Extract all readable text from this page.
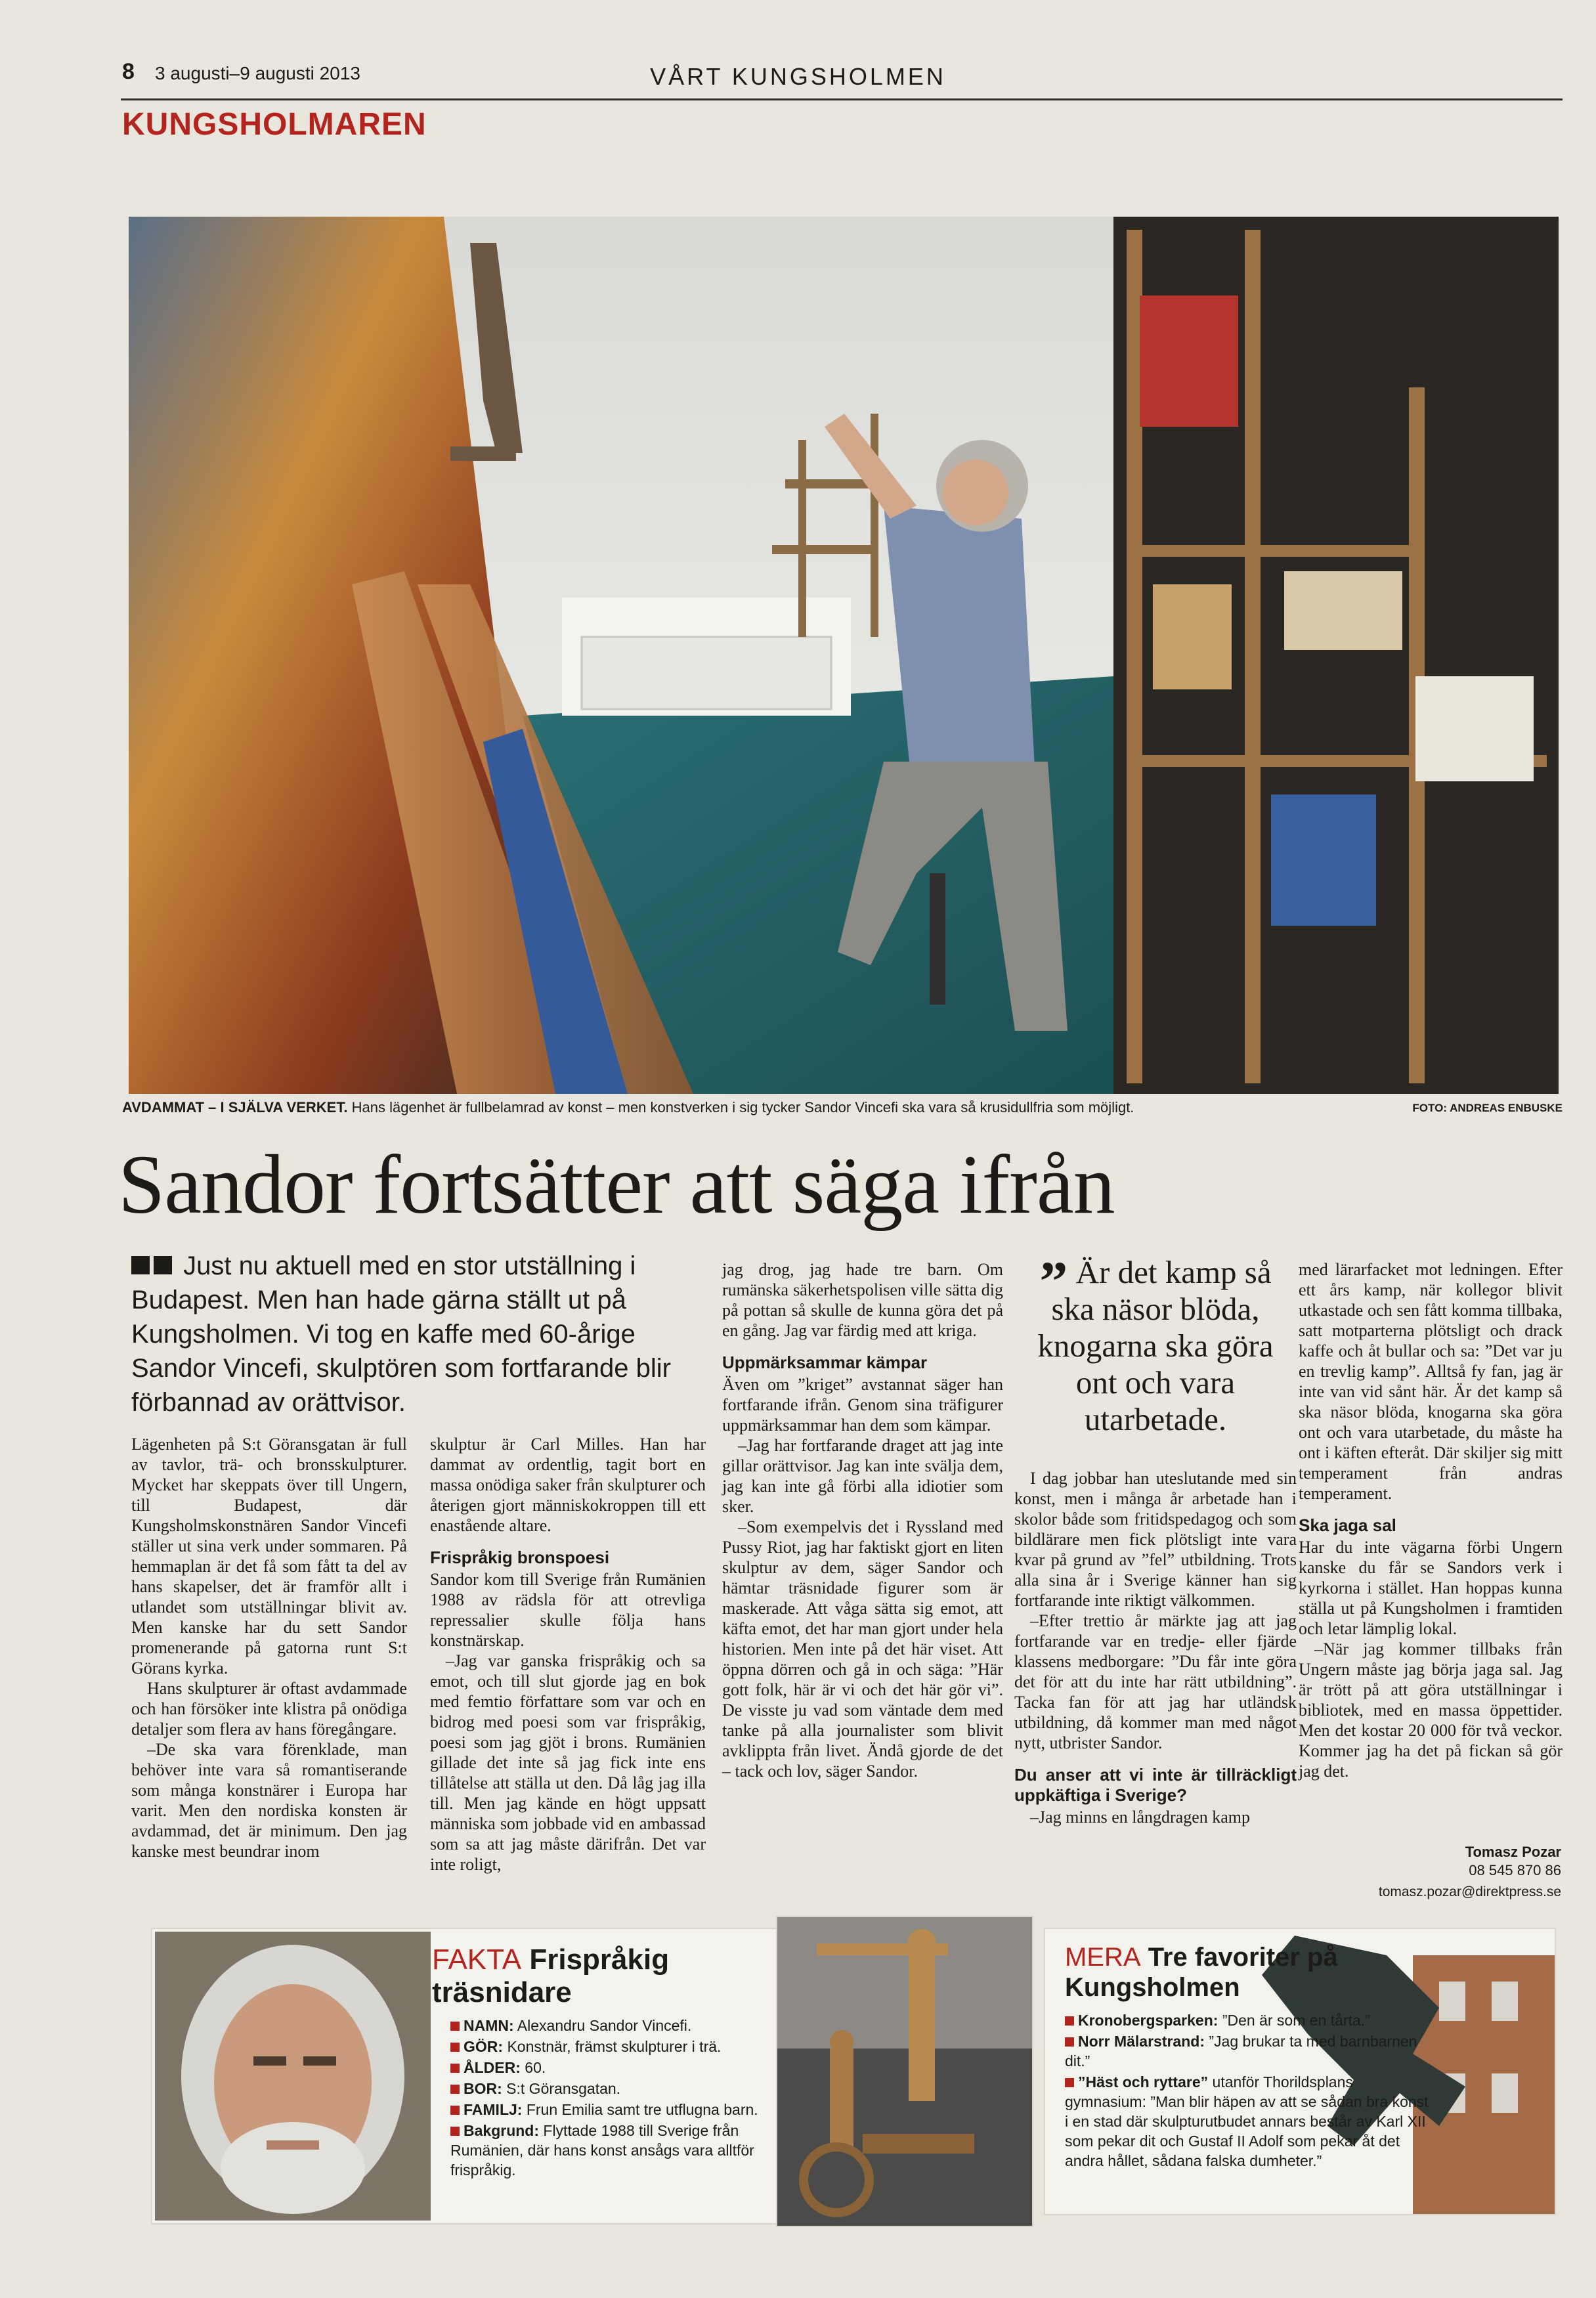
8 3 augusti–9 augusti 2013	VÅRT KUNGSHOLMEN
KUNGSHOLMAREN
AVDAMMAT – I SJÄLVA VERKET. Hans lägenhet är fullbelamrad av konst – men konstverken i sig tycker Sandor Vincefi ska vara så krusidullfria som möjligt.	FOTO: ANDREAS ENBUSKE
Sandor fortsätter att säga ifrån
Just nu aktuell med en stor utställning i Budapest. Men han hade gärna ställt ut på Kungsholmen. Vi tog en kaffe med 60-årige Sandor Vincefi, skulptören som fortfarande blir förbannad av orättvisor.

Lägenheten på S:t Göransgatan är full av tavlor, trä- och bronsskulpturer. Mycket har skeppats över till Ungern, till Budapest, där Kungsholmskonstnären Sandor Vincefi ställer ut sina verk under sommaren. På hemmaplan är det få som fått ta del av hans skapelser, det är framför allt i utlandet som utställningar blivit av. Men kanske har du sett Sandor promenerande på gatorna runt S:t Görans kyrka.

Hans skulpturer är oftast avdammade och han försöker inte klistra på onödiga detaljer som flera av hans föregångare.

–De ska vara förenklade, man behöver inte vara så romantiserande som många konstnärer i Europa har varit. Men den nordiska konsten är avdammad, det är minimum. Den jag kanske mest beundrar inom

skulptur är Carl Milles. Han har dammat av ordentlig, tagit bort en massa onödiga saker från skulpturer och återigen gjort människokroppen till ett enastående altare.

Frispråkig bronspoesi

Sandor kom till Sverige från Rumänien 1988 av rädsla för att otrevliga repressalier skulle följa hans konstnärskap.

–Jag var ganska frispråkig och sa emot, och till slut gjorde jag en bok med femtio författare som var och en bidrog med poesi som var frispråkig, poesi som jag gjöt i brons. Rumänien gillade det inte så jag fick inte ens tillåtelse att ställa ut den. Då låg jag illa till. Men jag kände en högt uppsatt människa som jobbade vid en ambassad som sa att jag måste därifrån. Det var inte roligt,

jag drog, jag hade tre barn. Om rumänska säkerhetspolisen ville sätta dig på pottan så skulle de kunna göra det på en gång. Jag var färdig med att kriga.

Uppmärksammar kämpar

Även om ”kriget” avstannat säger han fortfarande ifrån. Genom sina träfigurer uppmärksammar han dem som kämpar.

–Jag har fortfarande draget att jag inte gillar orättvisor. Jag kan inte svälja dem, jag kan inte gå förbi alla idiotier som sker.

–Som exempelvis det i Ryssland med Pussy Riot, jag har faktiskt gjort en liten skulptur av dem, säger Sandor och hämtar träsnidade figurer som är maskerade. Att våga sätta sig emot, att käfta emot, det har man gjort under hela historien. Men inte på det här viset. Att öppna dörren och gå in och säga: ”Här gott folk, här är vi och det här gör vi”. De visste ju vad som väntade dem med tanke på alla journalister som blivit avklippta från livet. Ändå gjorde de det – tack och lov, säger Sandor.

” Är det kamp så ska näsor blöda, knogarna ska göra ont och vara utarbetade.

I dag jobbar han uteslutande med sin konst, men i många år arbetade han i skolor både som fritidspedagog och som bildlärare men fick plötsligt inte vara kvar på grund av ”fel” utbildning. Trots alla sina år i Sverige känner han sig fortfarande inte riktigt välkommen.

–Efter trettio år märkte jag att jag fortfarande var en tredje- eller fjärde klassens medborgare: ”Du får inte göra det för att du inte har rätt utbildning”. Tacka fan för att jag har utländsk utbildning, då kommer man med något nytt, utbrister Sandor.

Du anser att vi inte är tillräckligt uppkäftiga i Sverige?

–Jag minns en långdragen kamp

med lärarfacket mot ledningen. Efter ett års kamp, när kollegor blivit utkastade och sen fått komma tillbaka, satt motparterna plötsligt och drack kaffe och åt bullar och sa: ”Det var ju en trevlig kamp”. Alltså fy fan, jag är inte van vid sånt här. Är det kamp så ska näsor blöda, knogarna ska göra ont och vara utarbetade, du måste ha ont i käften efteråt. Där skiljer sig mitt temperament från andras temperament.

Ska jaga sal

Har du inte vägarna förbi Ungern kanske du får se Sandors verk i kyrkorna i stället. Han hoppas kunna ställa ut på Kungsholmen i framtiden och letar lämplig lokal.

–När jag kommer tillbaks från Ungern måste jag börja jaga sal. Jag är trött på att göra utställningar i bibliotek, med en massa öppettider. Men det kostar 20 000 för två veckor. Kommer jag ha det på fickan så gör jag det.

Tomasz Pozar
08 545 870 86
tomasz.pozar@direktpress.se
FAKTA Frispråkig träsnidare
NAMN: Alexandru Sandor Vincefi.
GÖR: Konstnär, främst skulpturer i trä.
ÅLDER: 60.
BOR: S:t Göransgatan.
FAMILJ: Frun Emilia samt tre utflugna barn.
Bakgrund: Flyttade 1988 till Sverige från Rumänien, där hans konst ansågs vara alltför frispråkig.
MERA Tre favoriter på Kungsholmen
Kronobergsparken: ”Den är som en tårta.”
Norr Mälarstrand: ”Jag brukar ta med barnbarnen dit.”
”Häst och ryttare” utanför Thorildsplans gymnasium: ”Man blir häpen av att se sådan bra konst i en stad där skulpturutbudet annars består av Karl XII som pekar dit och Gustaf II Adolf som pekar åt det andra hållet, sådana falska dumheter.”
